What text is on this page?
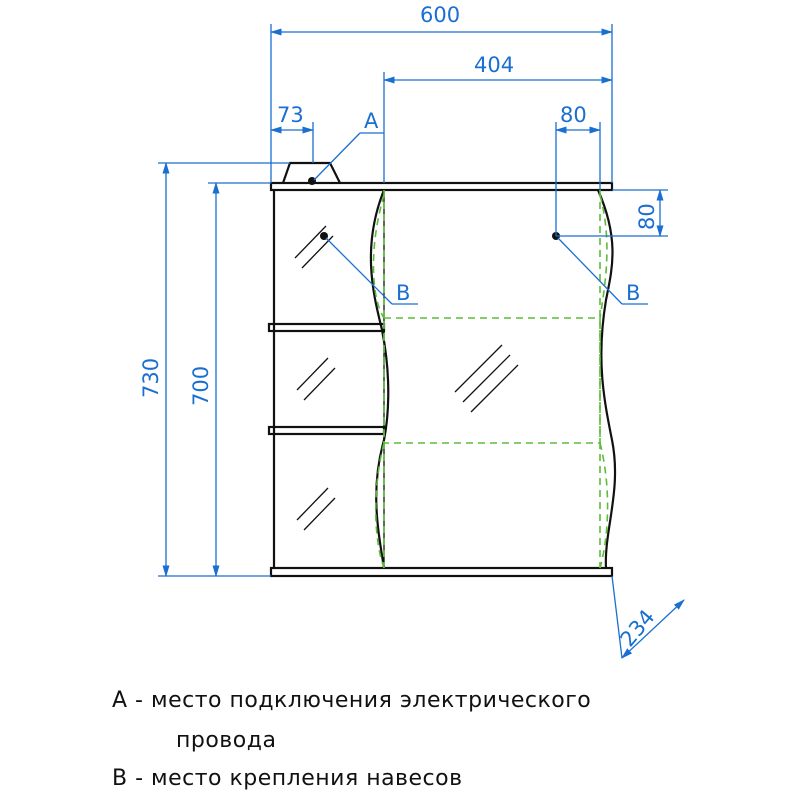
600
404
73	80
80
730 700
234
A
B	B
А - место подключения электрического
провода
В - место крепления навесов
